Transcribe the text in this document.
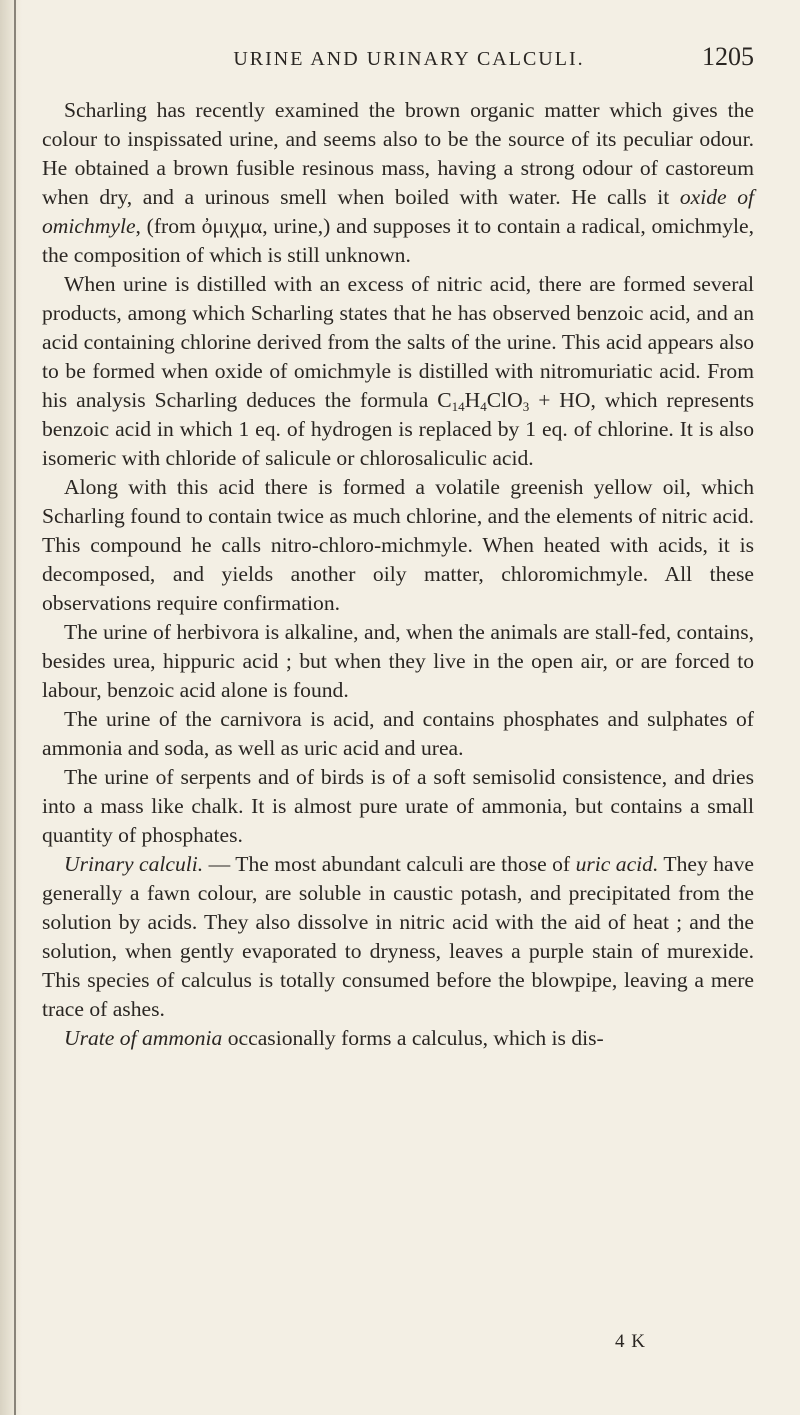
URINE AND URINARY CALCULI.	1205

Scharling has recently examined the brown organic matter which gives the colour to inspissated urine, and seems also to be the source of its peculiar odour. He obtained a brown fusible resinous mass, having a strong odour of castoreum when dry, and a urinous smell when boiled with water. He calls it oxide of omichmyle, (from ὀμιχμα, urine,) and supposes it to contain a radical, omichmyle, the composition of which is still unknown.

When urine is distilled with an excess of nitric acid, there are formed several products, among which Scharling states that he has observed benzoic acid, and an acid containing chlorine derived from the salts of the urine. This acid appears also to be formed when oxide of omichmyle is distilled with nitromuriatic acid. From his analysis Scharling deduces the formula $C_{14}H_4ClO_3$ + HO, which represents benzoic acid in which 1 eq. of hydrogen is replaced by 1 eq. of chlorine. It is also isomeric with chloride of salicule or chlorosaliculic acid.

Along with this acid there is formed a volatile greenish yellow oil, which Scharling found to contain twice as much chlorine, and the elements of nitric acid. This compound he calls nitro-chloro-michmyle. When heated with acids, it is decomposed, and yields another oily matter, chloromichmyle. All these observations require confirmation.

The urine of herbivora is alkaline, and, when the animals are stall-fed, contains, besides urea, hippuric acid ; but when they live in the open air, or are forced to labour, benzoic acid alone is found.

The urine of the carnivora is acid, and contains phosphates and sulphates of ammonia and soda, as well as uric acid and urea.

The urine of serpents and of birds is of a soft semisolid consistence, and dries into a mass like chalk. It is almost pure urate of ammonia, but contains a small quantity of phosphates.

Urinary calculi. — The most abundant calculi are those of uric acid. They have generally a fawn colour, are soluble in caustic potash, and precipitated from the solution by acids. They also dissolve in nitric acid with the aid of heat ; and the solution, when gently evaporated to dryness, leaves a purple stain of murexide. This species of calculus is totally consumed before the blowpipe, leaving a mere trace of ashes.

Urate of ammonia occasionally forms a calculus, which is dis-

4 K
